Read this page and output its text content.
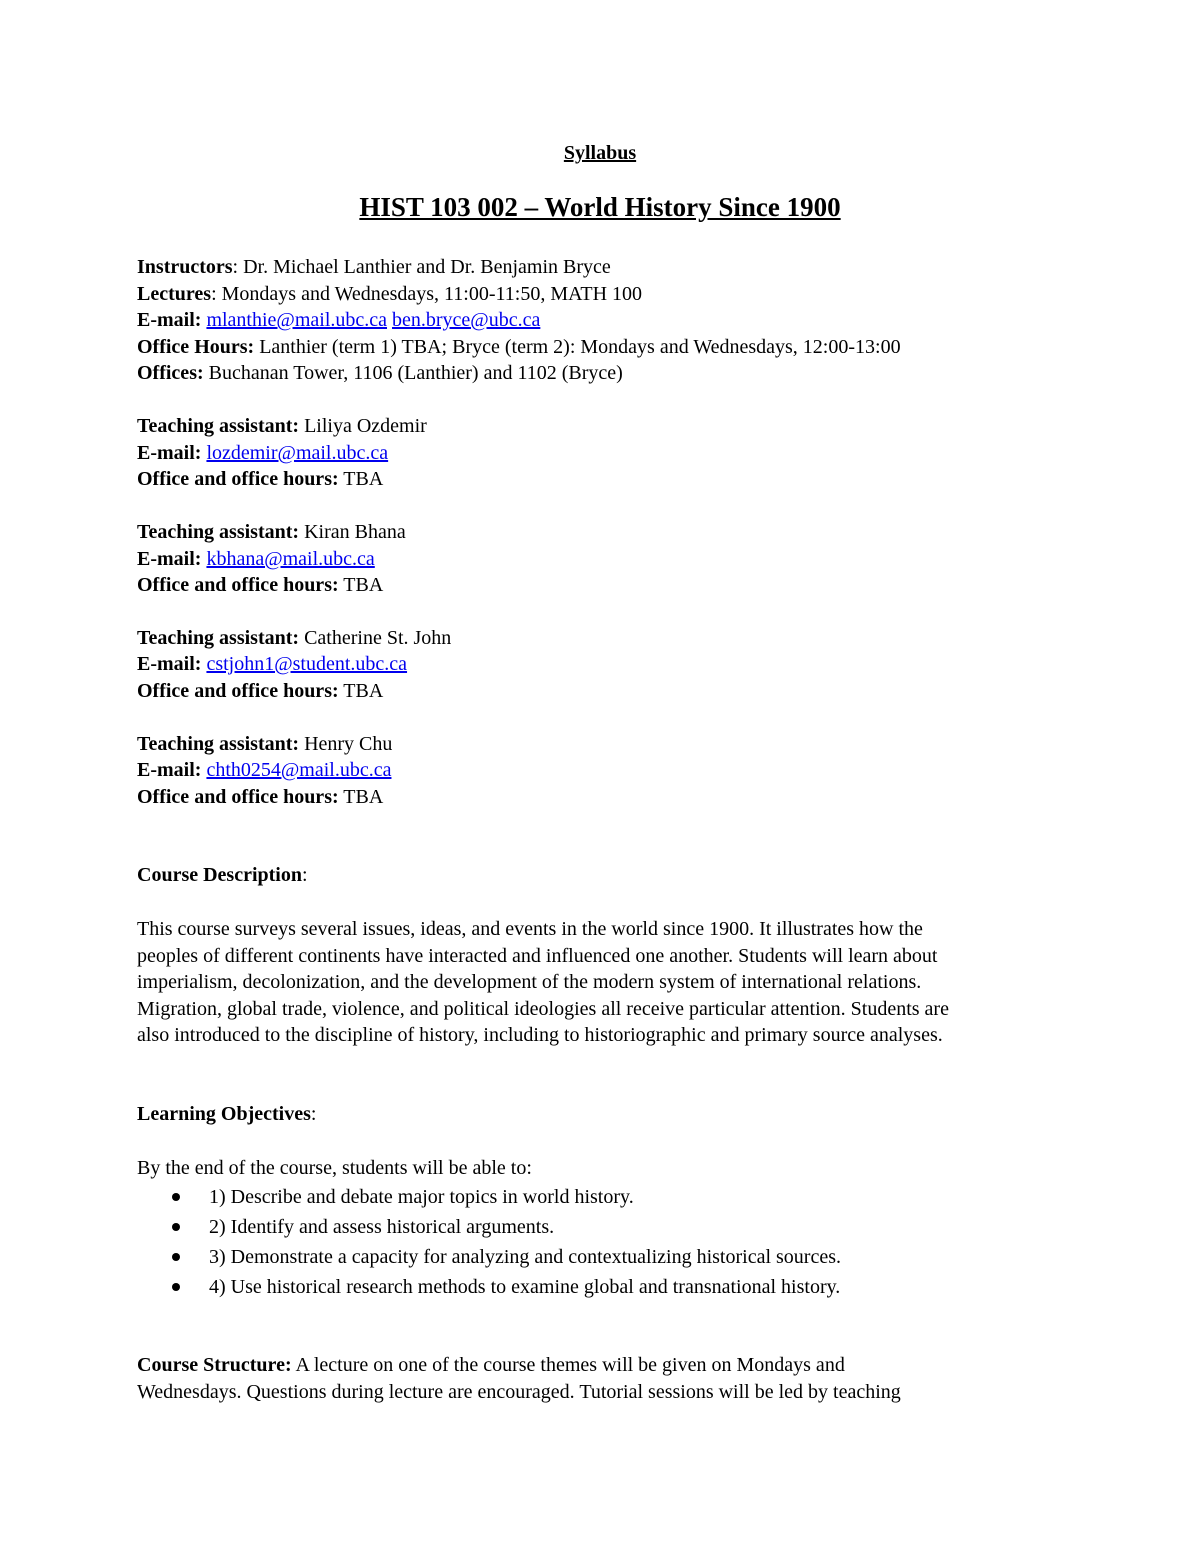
Syllabus
HIST 103 002 – World History Since 1900
Instructors: Dr. Michael Lanthier and Dr. Benjamin Bryce
Lectures: Mondays and Wednesdays, 11:00-11:50, MATH 100
E-mail: mlanthie@mail.ubc.ca ben.bryce@ubc.ca
Office Hours: Lanthier (term 1) TBA; Bryce (term 2): Mondays and Wednesdays, 12:00-13:00
Offices: Buchanan Tower, 1106 (Lanthier) and 1102 (Bryce)
Teaching assistant: Liliya Ozdemir
E-mail: lozdemir@mail.ubc.ca
Office and office hours: TBA
Teaching assistant: Kiran Bhana
E-mail: kbhana@mail.ubc.ca
Office and office hours: TBA
Teaching assistant: Catherine St. John
E-mail: cstjohn1@student.ubc.ca
Office and office hours: TBA
Teaching assistant: Henry Chu
E-mail: chth0254@mail.ubc.ca
Office and office hours: TBA
Course Description:
This course surveys several issues, ideas, and events in the world since 1900. It illustrates how the
peoples of different continents have interacted and influenced one another. Students will learn about
imperialism, decolonization, and the development of the modern system of international relations.
Migration, global trade, violence, and political ideologies all receive particular attention. Students are
also introduced to the discipline of history, including to historiographic and primary source analyses.
Learning Objectives:
By the end of the course, students will be able to:
1) Describe and debate major topics in world history.
2) Identify and assess historical arguments.
3) Demonstrate a capacity for analyzing and contextualizing historical sources.
4) Use historical research methods to examine global and transnational history.
Course Structure: A lecture on one of the course themes will be given on Mondays and
Wednesdays. Questions during lecture are encouraged. Tutorial sessions will be led by teaching
